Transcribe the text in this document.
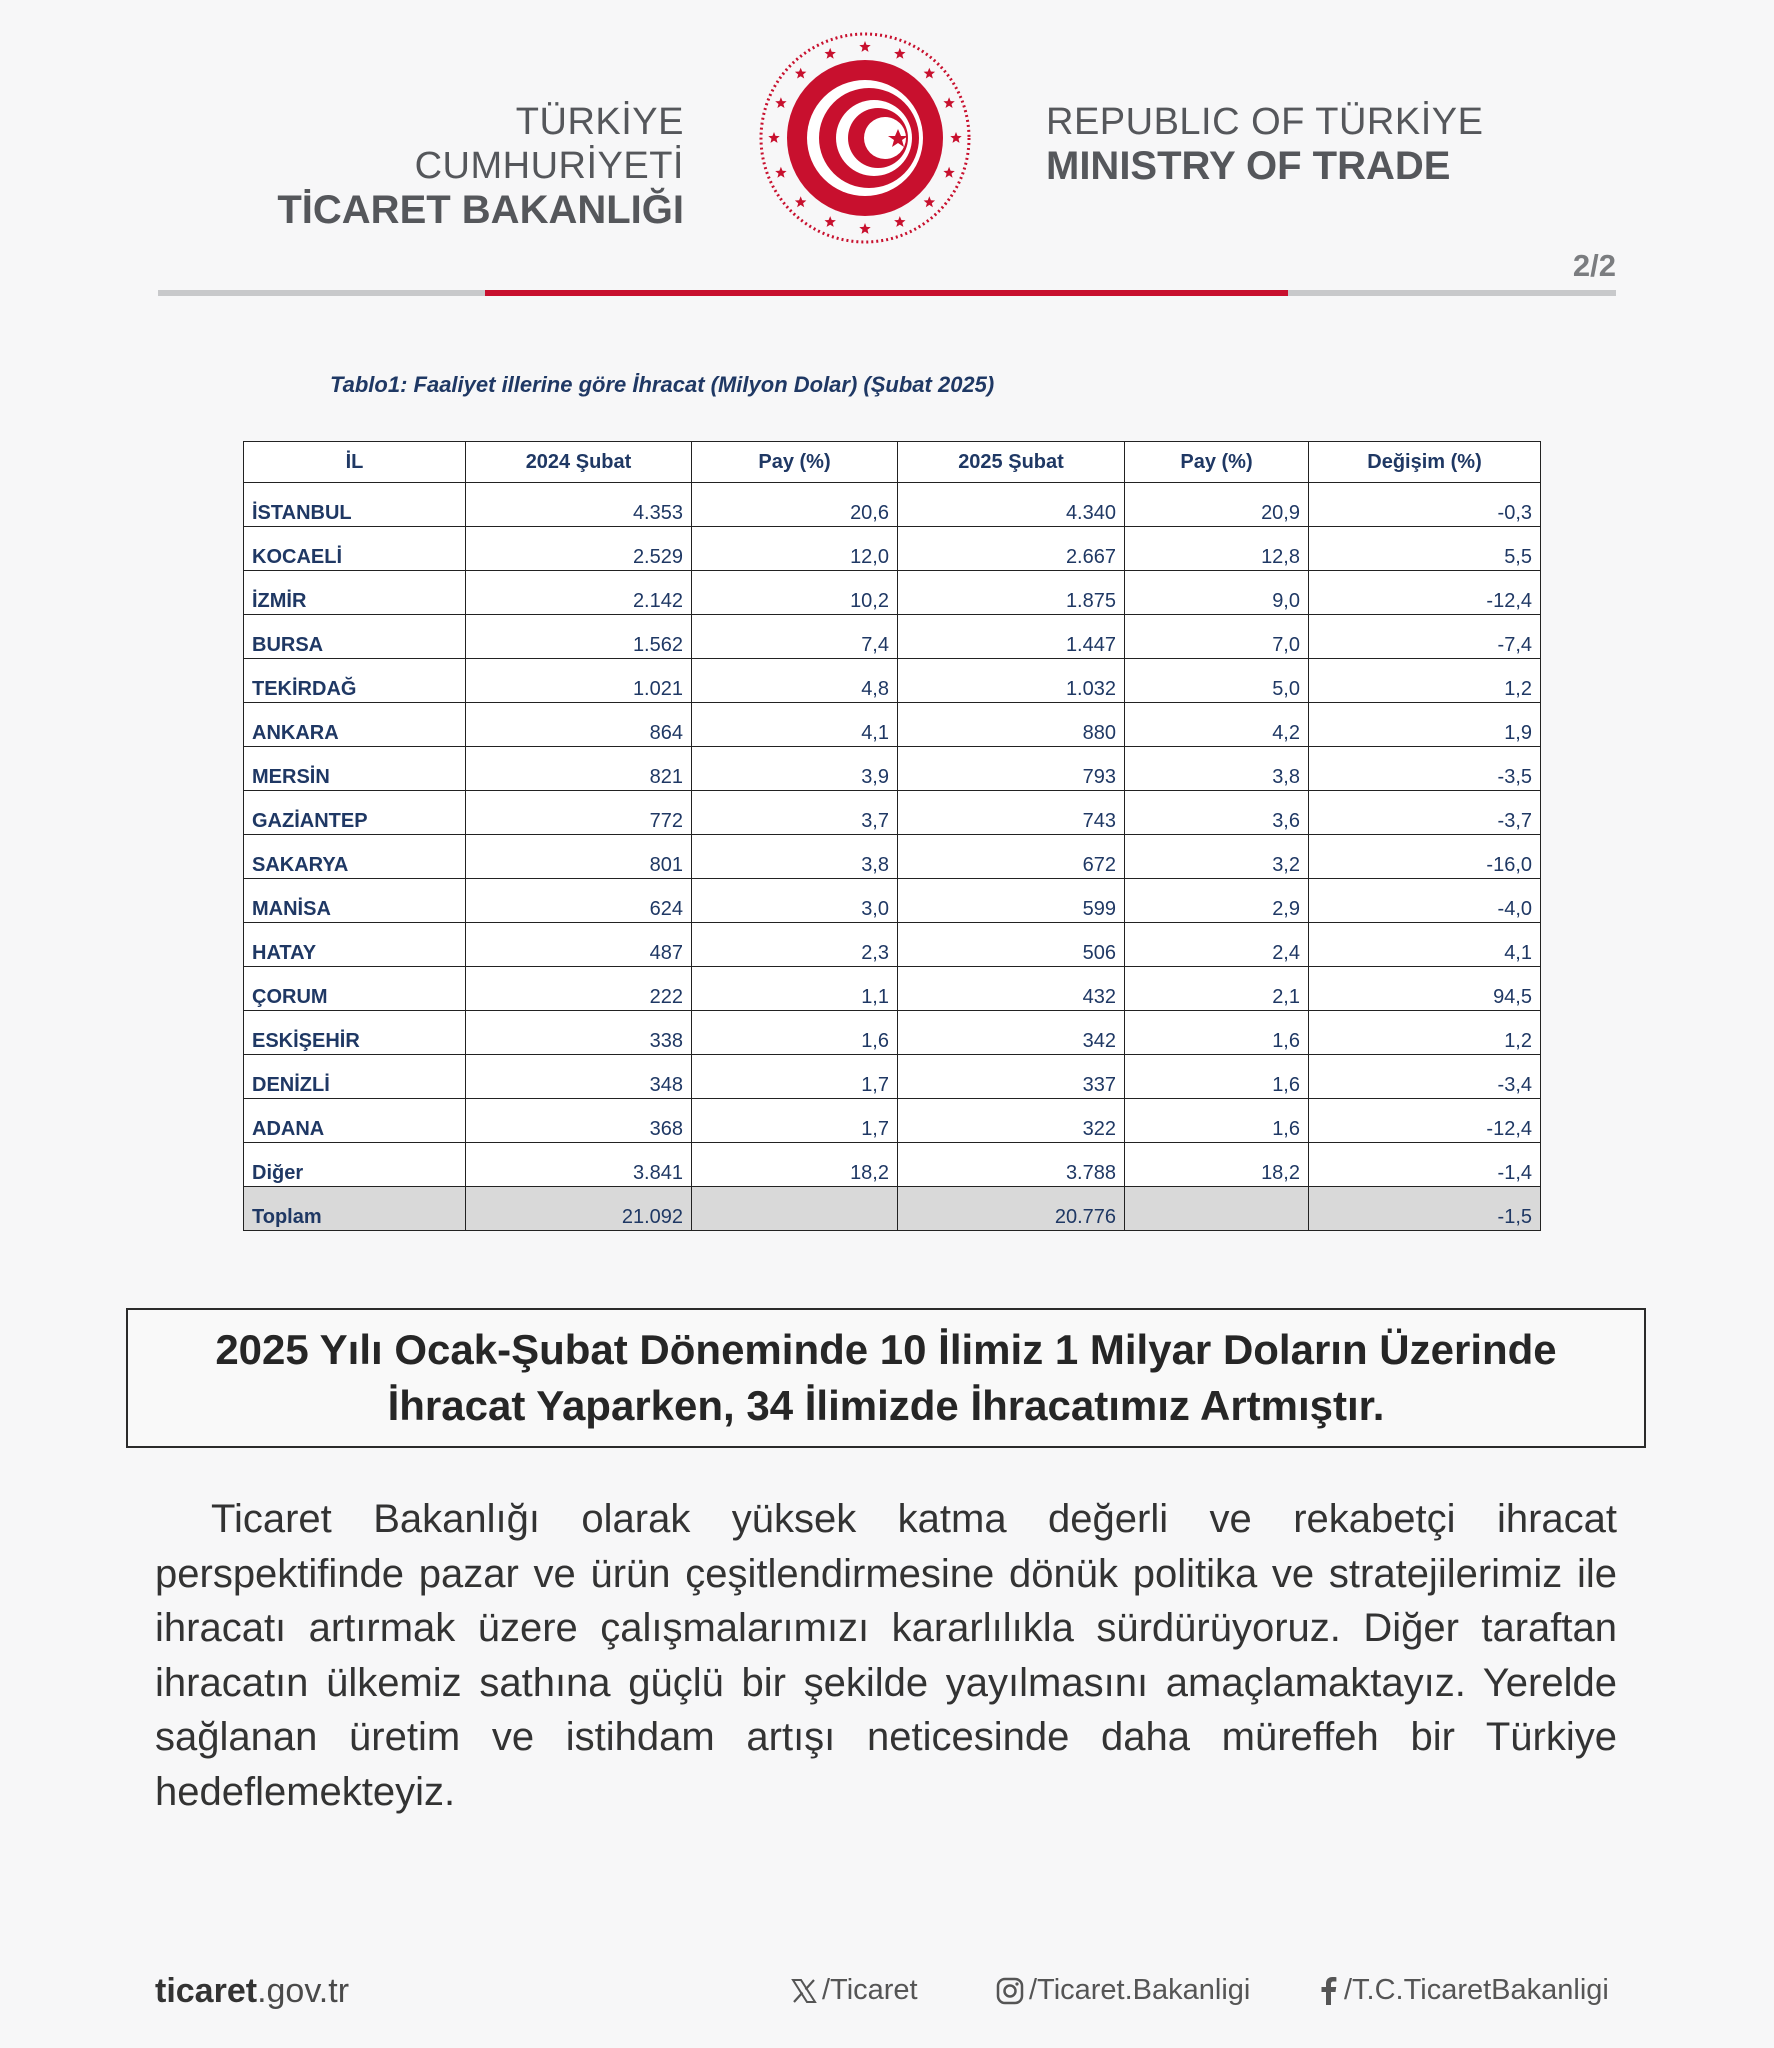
TÜRKİYE CUMHURİYETİ
TİCARET BAKANLIĞI
REPUBLIC OF TÜRKİYE
MINISTRY OF TRADE
2/2
Tablo1: Faaliyet illerine göre İhracat (Milyon Dolar) (Şubat 2025)
İL	2024 Şubat	Pay (%)	2025 Şubat	Pay (%)	Değişim (%)
İSTANBUL	4.353	20,6	4.340	20,9	-0,3
KOCAELİ	2.529	12,0	2.667	12,8	5,5
İZMİR	2.142	10,2	1.875	9,0	-12,4
BURSA	1.562	7,4	1.447	7,0	-7,4
TEKİRDAĞ	1.021	4,8	1.032	5,0	1,2
ANKARA	864	4,1	880	4,2	1,9
MERSİN	821	3,9	793	3,8	-3,5
GAZİANTEP	772	3,7	743	3,6	-3,7
SAKARYA	801	3,8	672	3,2	-16,0
MANİSA	624	3,0	599	2,9	-4,0
HATAY	487	2,3	506	2,4	4,1
ÇORUM	222	1,1	432	2,1	94,5
ESKİŞEHİR	338	1,6	342	1,6	1,2
DENİZLİ	348	1,7	337	1,6	-3,4
ADANA	368	1,7	322	1,6	-12,4
Diğer	3.841	18,2	3.788	18,2	-1,4
Toplam	21.092		20.776		-1,5
2025 Yılı Ocak-Şubat Döneminde 10 İlimiz 1 Milyar Doların Üzerinde
İhracat Yaparken, 34 İlimizde İhracatımız Artmıştır.
Ticaret Bakanlığı olarak yüksek katma değerli ve rekabetçi ihracat perspektifinde pazar ve ürün çeşitlendirmesine dönük politika ve stratejilerimiz ile ihracatı artırmak üzere çalışmalarımızı kararlılıkla sürdürüyoruz. Diğer taraftan ihracatın ülkemiz sathına güçlü bir şekilde yayılmasını amaçlamaktayız. Yerelde sağlanan üretim ve istihdam artışı neticesinde daha müreffeh bir Türkiye hedeflemekteyiz.
ticaret.gov.tr	/Ticaret	/Ticaret.Bakanligi	/T.C.TicaretBakanligi
